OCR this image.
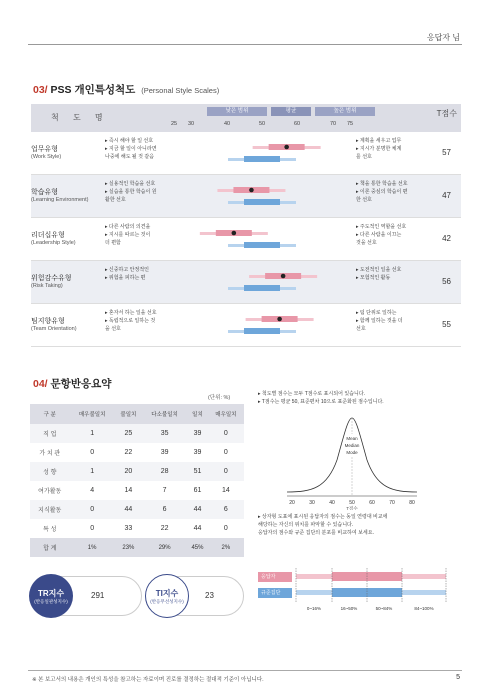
응답자 님
03/ PSS 개인특성척도 (Personal Style Scales)
척 도 명
낮은 범위	평균	높은 범위
25 30	40	50	60	70 75
T점수
업무유형
(Work Style)
▸ 즉시 해야 할 일 선호
▸ 지금 할 일이 아니라면
나중에 해도 될 것 같음
▸ 계획을 세우고 업무
▸ 지시가 분명한 체계
를 선호	57
학습유형
(Learning Environment)
▸ 실용적인 학습을 선호
▸ 실습을 통한 학습이 원
활한 선호
▸ 책을 통한 학습을 선호
▸ 이론 중심의 학습이 편
한 선호	47
리더십유형
(Leadership Style)
▸ 다른 사람의 의견을
▸ 지시를 따르는 것이
더 편함
▸ 주도적인 역할을 선호
▸ 다른 사람을 이끄는
것을 선호	42
위험감수유형
(Risk Taking)
▸ 신중하고 안정적인
▸ 위험을 피하는 편
▸ 도전적인 일을 선호
▸ 모험적인 활동	56
팀지향유형
(Team Orientation)
▸ 혼자서 하는 일을 선호
▸ 독립적으로 일하는 것
을 선호
▸ 팀 단위로 일하는
▸ 함께 일하는 것을 더
선호	55
04/ 문항반응요약
(단위: %)
구 분	매우불일치	불일치	다소불일치	일치	매우일치
직 업	1	25	35	39	0
가 치 관	0	22	39	39	0
성 향	1	20	28	51	0
여가활동	4	14	7	61	14
지식활동	0	44	6	44	6
특 성	0	33	22	44	0
합 계	1%	23%	29%	45%	2%
▸ 척도별 점수는 모두 T점수로 표시되어 있습니다.
▸ T점수는 평균 50, 표준편차 10으로 표준화된 점수입니다.
Mean
Median
Mode
20	30	40	50	60	70	80
T점수
▸ 상자형 도표에 표시된 응답자의 점수는 동일 연령대 비교에
해당하는 자신의 위치를 파악할 수 있습니다.
응답자의 점수와 규준 집단의 분포를 비교하여 보세요.
응답자
규준집단
0~16%	16~50%	50~84%	84~100%
TR지수
(반응일관성지수)
291	TI지수
(반응무선성지수)
23
※ 본 보고서의 내용은 개인의 특성을 참고하는 자료이며 진로를 결정하는 절대적 기준이 아닙니다.	5
